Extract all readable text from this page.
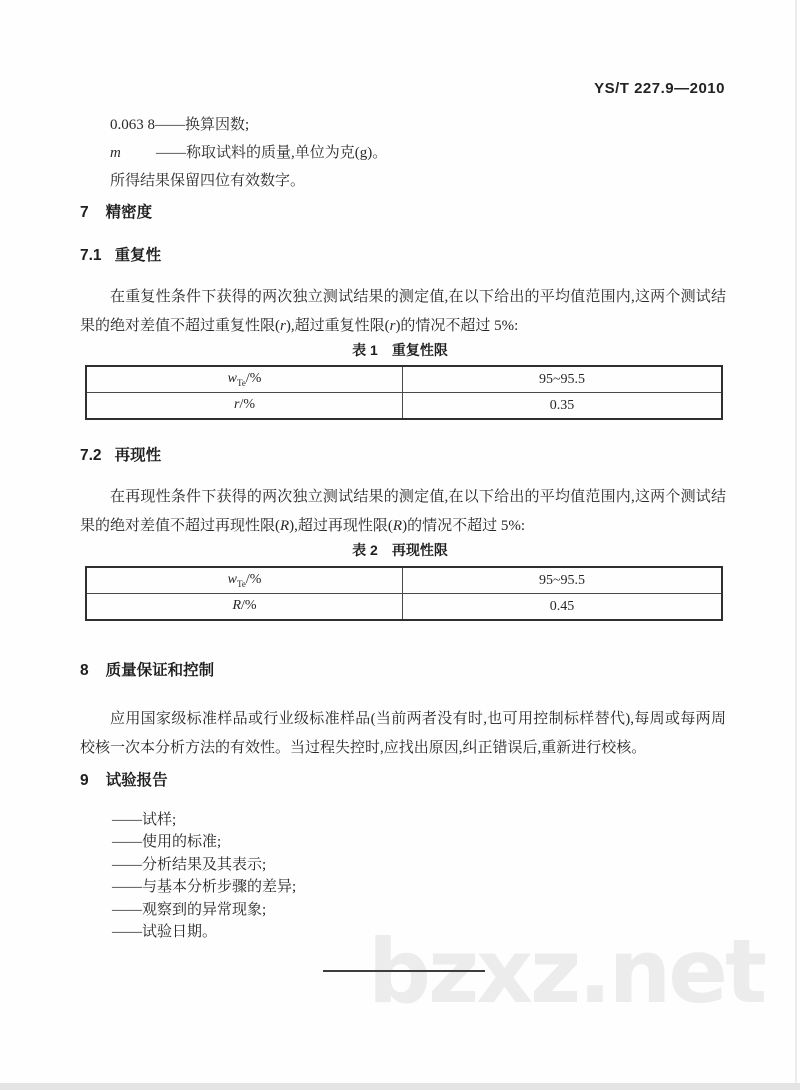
YS/T 227.9—2010
0.063 8——换算因数;
m ——称取试料的质量,单位为克(g)。
所得结果保留四位有效数字。
7 精密度
7.1 重复性

在重复性条件下获得的两次独立测试结果的测定值,在以下给出的平均值范围内,这两个测试结果的绝对差值不超过重复性限(r),超过重复性限(r)的情况不超过 5%:

表 1 重复性限
$w_{Te}/\%$	95~95.5
r/%	0.35
7.2 再现性

在再现性条件下获得的两次独立测试结果的测定值,在以下给出的平均值范围内,这两个测试结果的绝对差值不超过再现性限(R),超过再现性限(R)的情况不超过 5%:

表 2 再现性限
$w_{Te}/\%$	95~95.5
R/%	0.45
8 质量保证和控制

应用国家级标准样品或行业级标准样品(当前两者没有时,也可用控制标样替代),每周或每两周校核一次本分析方法的有效性。当过程失控时,应找出原因,纠正错误后,重新进行校核。

9 试验报告
——试样;
——使用的标准;
——分析结果及其表示;
——与基本分析步骤的差异;
——观察到的异常现象;
——试验日期。	bzxz.net
